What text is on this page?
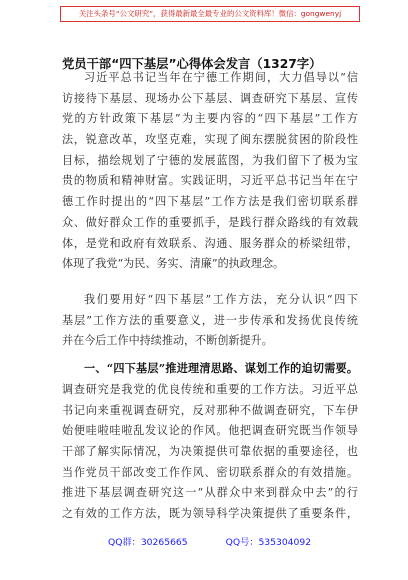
关注头条号“公文研究”，获得最新最全最专业的公文资料库！微信：gongwenyj
党员干部“四下基层”心得体会发言（1327字）
习近平总书记当年在宁德工作期间，大力倡导以“信
访接待下基层、现场办公下基层、调查研究下基层、宣传
党的方针政策下基层”为主要内容的“四下基层”工作方
法，锐意改革，攻坚克难，实现了闽东摆脱贫困的阶段性
目标，描绘规划了宁德的发展蓝图，为我们留下了极为宝
贵的物质和精神财富。实践证明，习近平总书记当年在宁
德工作时提出的“四下基层”工作方法是我们密切联系群
众、做好群众工作的重要抓手，是践行群众路线的有效载
体，是党和政府有效联系、沟通、服务群众的桥梁纽带，
体现了我党“为民、务实、清廉”的执政理念。
我们要用好“四下基层”工作方法，充分认识“四下
基层”工作方法的重要意义，进一步传承和发扬优良传统
并在今后工作中持续推动，不断创新提升。
一、“四下基层”推进理清思路、谋划工作的迫切需要。
调查研究是我党的优良传统和重要的工作方法。习近平总
书记向来重视调查研究，反对那种不做调查研究，下车伊
始便哇啦哇啦乱发议论的作风。他把调查研究既当作领导
干部了解实际情况，为决策提供可靠依据的重要途径，也
当作党员干部改变工作作风、密切联系群众的有效措施。
推进下基层调查研究这一“从群众中来到群众中去”的行
之有效的工作方法，既为领导科学决策提供了重要条件，
QQ群：30265665	QQ号：535304092
